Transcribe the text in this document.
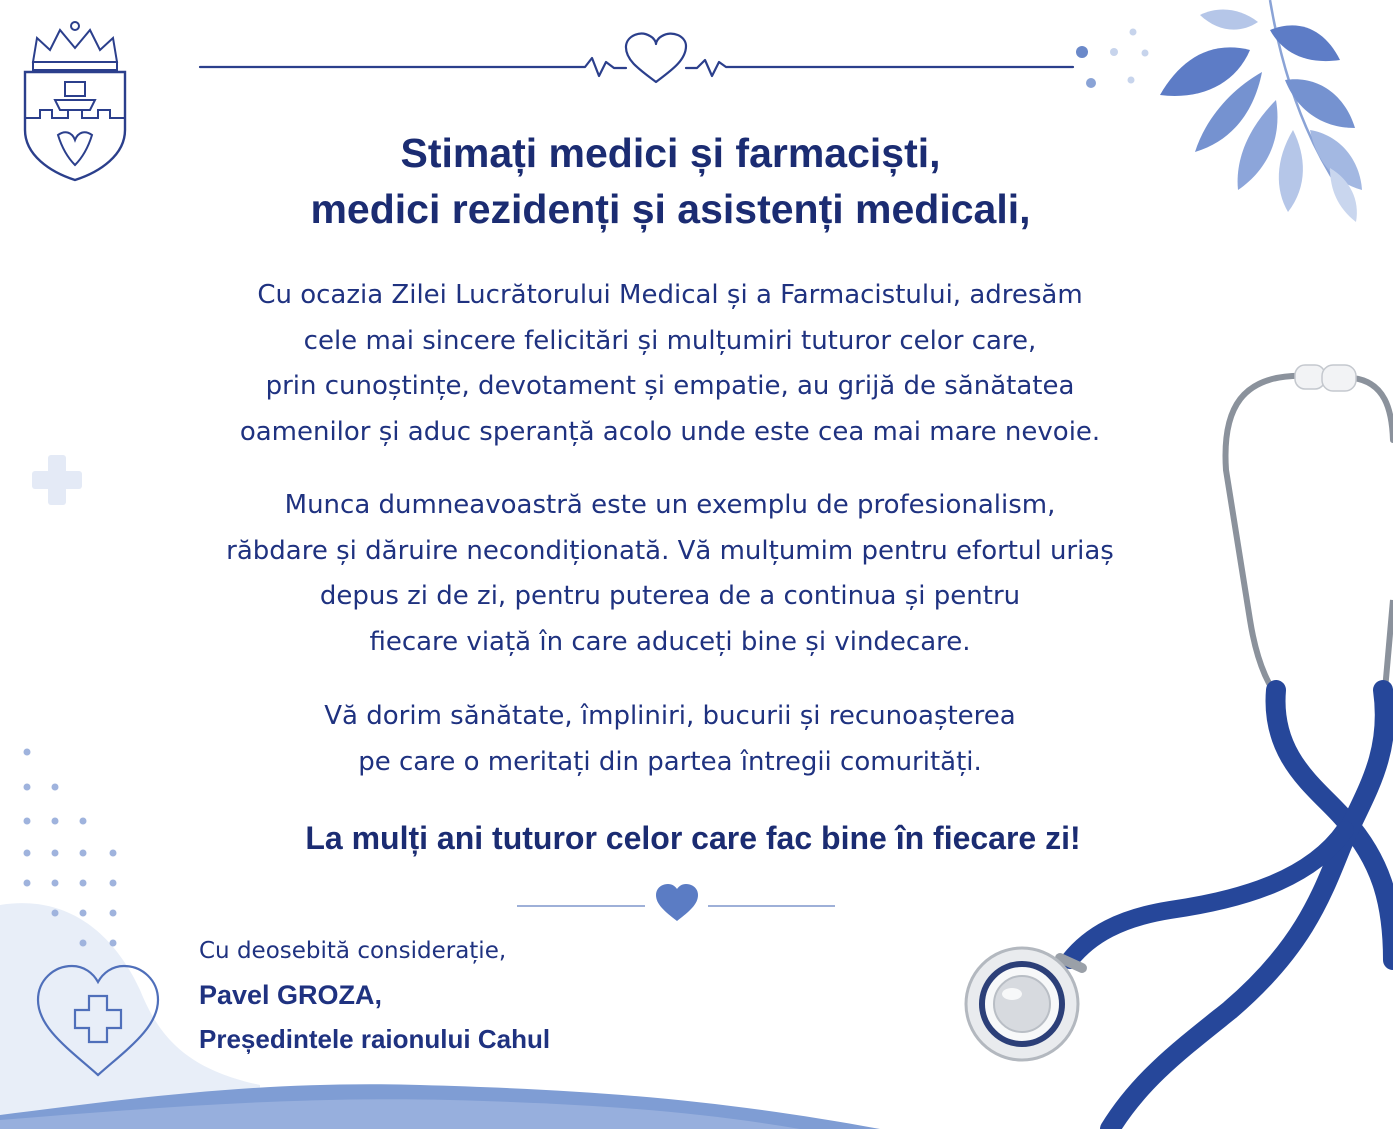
Stimați medici și farmaciști,
medici rezidenți și asistenți medicali,
Cu ocazia Zilei Lucrătorului Medical și a Farmacistului, adresăm
cele mai sincere felicitări și mulțumiri tuturor celor care,
prin cunoștințe, devotament și empatie, au grijă de sănătatea
oamenilor și aduc speranță acolo unde este cea mai mare nevoie.
Munca dumneavoastră este un exemplu de profesionalism,
răbdare și dăruire necondiționată. Vă mulțumim pentru efortul uriaș
depus zi de zi, pentru puterea de a continua și pentru
fiecare viață în care aduceți bine și vindecare.
Vă dorim sănătate, împliniri, bucurii și recunoașterea
pe care o meritați din partea întregii comurități.
La mulți ani tuturor celor care fac bine în fiecare zi!
Cu deosebită considerație,
Pavel GROZA,
Președintele raionului Cahul
